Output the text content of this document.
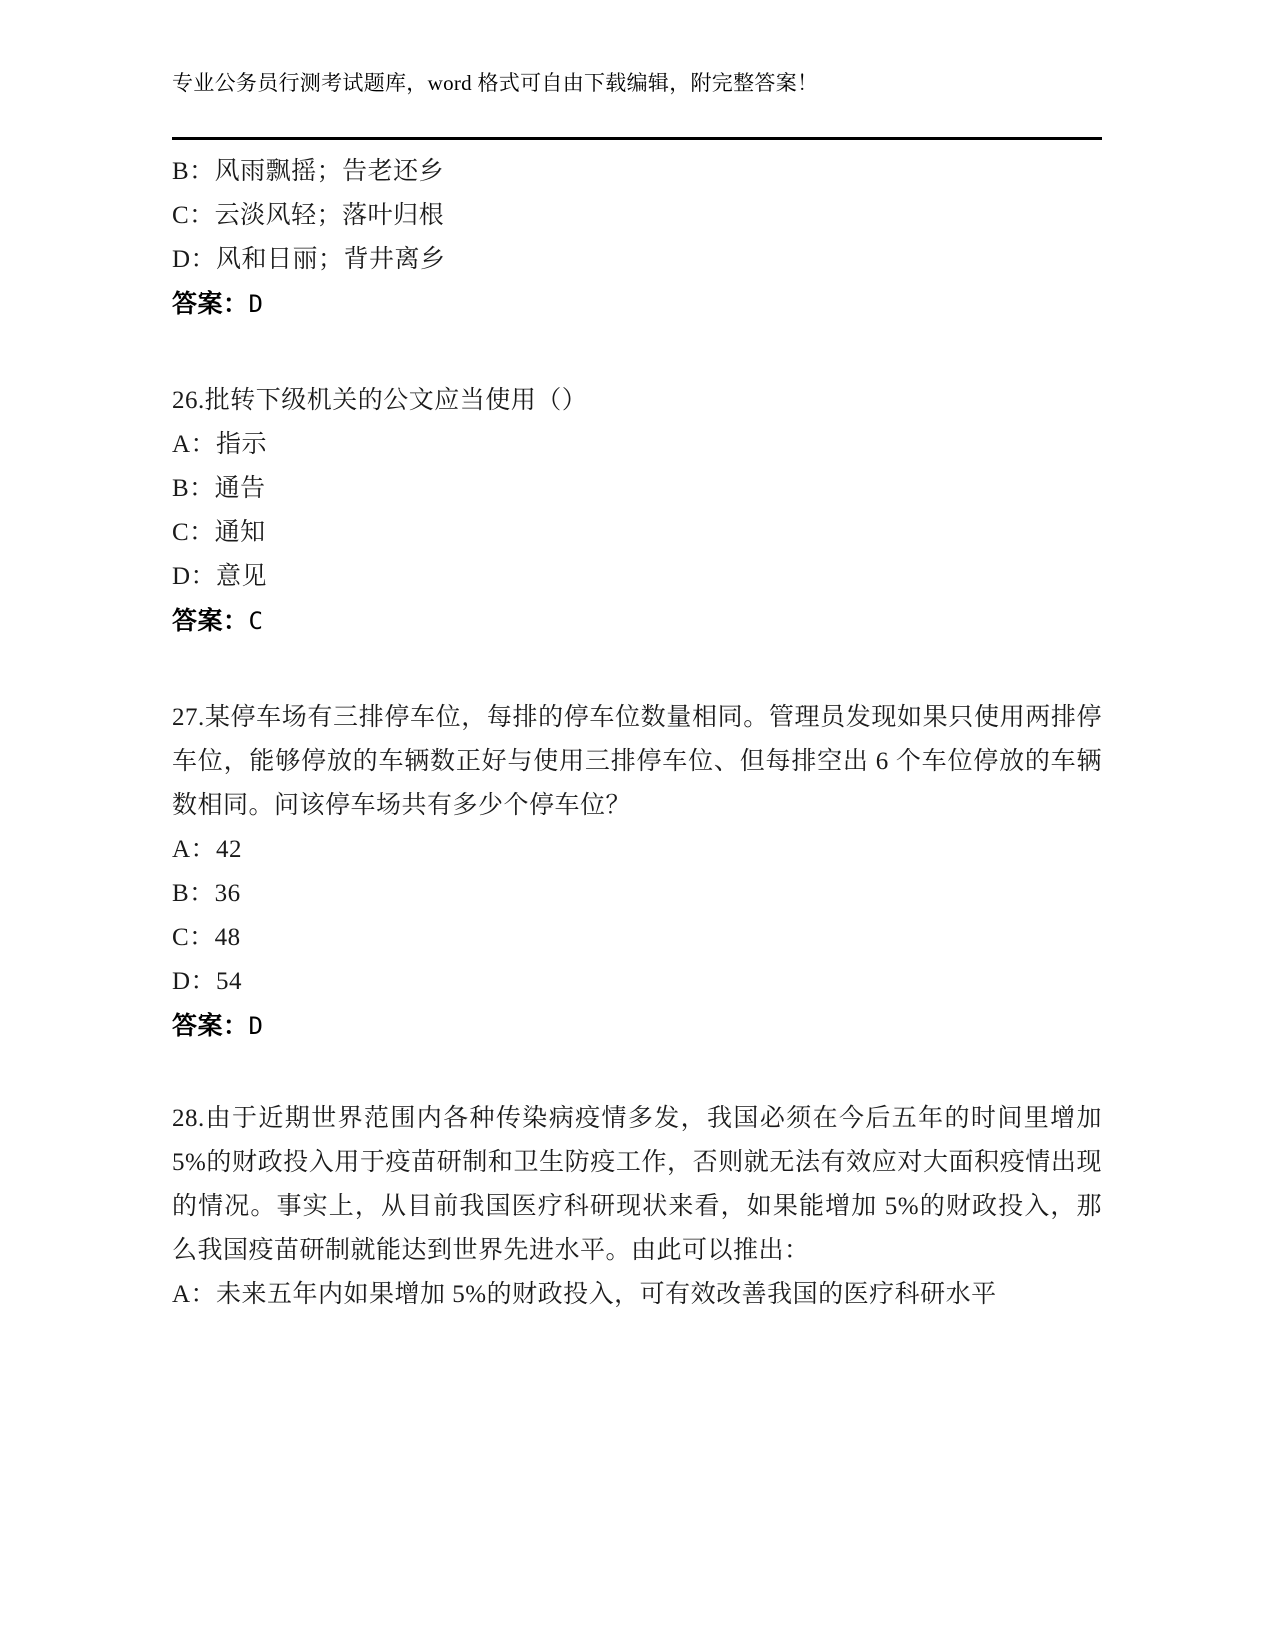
专业公务员行测考试题库，word 格式可自由下载编辑，附完整答案！
B：风雨飘摇；告老还乡
C：云淡风轻；落叶归根
D：风和日丽；背井离乡
答案：D
26.批转下级机关的公文应当使用（）
A：指示
B：通告
C：通知
D：意见
答案：C
27.某停车场有三排停车位，每排的停车位数量相同。管理员发现如果只使用两排停车位，能够停放的车辆数正好与使用三排停车位、但每排空出 6 个车位停放的车辆数相同。问该停车场共有多少个停车位？
A：42
B：36
C：48
D：54
答案：D
28.由于近期世界范围内各种传染病疫情多发，我国必须在今后五年的时间里增加 5%的财政投入用于疫苗研制和卫生防疫工作，否则就无法有效应对大面积疫情出现的情况。事实上，从目前我国医疗科研现状来看，如果能增加 5%的财政投入，那么我国疫苗研制就能达到世界先进水平。由此可以推出：
A：未来五年内如果增加 5%的财政投入，可有效改善我国的医疗科研水平
